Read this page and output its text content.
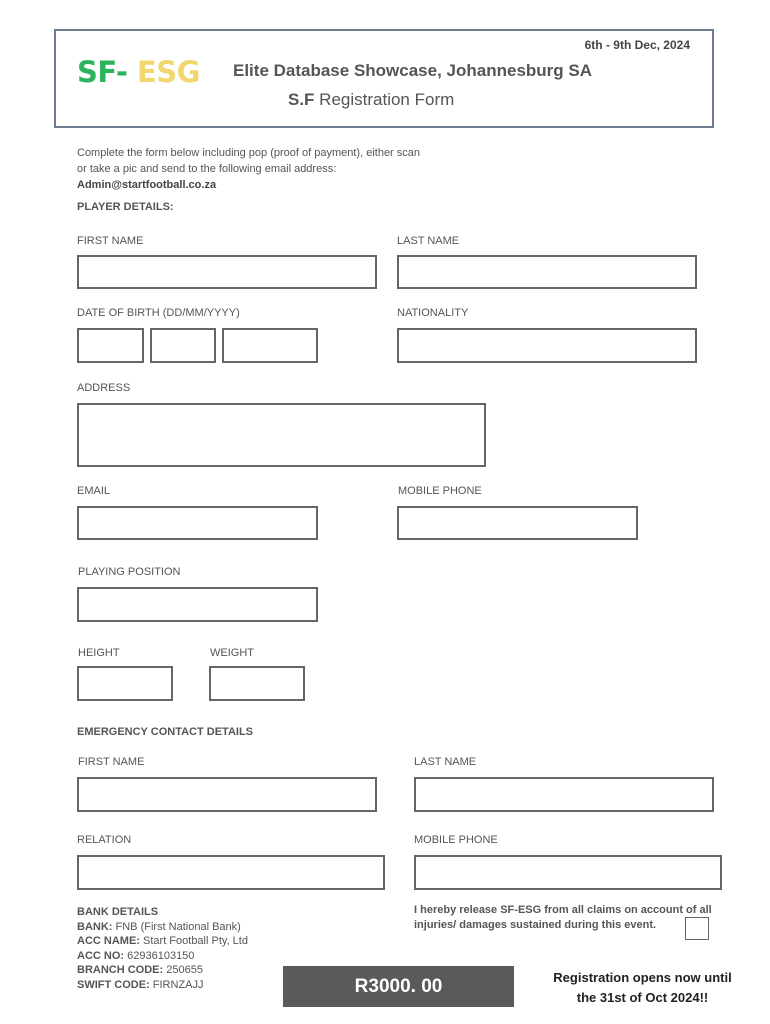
SF- ESG
6th - 9th Dec, 2024
Elite Database Showcase, Johannesburg SA
S.F Registration Form
Complete the form below including pop (proof of payment), either scan
or take a pic and send to the following email address:
Admin@startfootball.co.za
PLAYER DETAILS:
FIRST NAME	LAST NAME
DATE OF BIRTH (DD/MM/YYYY)	NATIONALITY
ADDRESS
EMAIL	MOBILE PHONE
PLAYING POSITION
HEIGHT	WEIGHT
EMERGENCY CONTACT DETAILS
FIRST NAME	LAST NAME
RELATION	MOBILE PHONE
BANK DETAILS
BANK: FNB (First National Bank)
ACC NAME: Start Football Pty, Ltd
ACC NO: 62936103150
BRANCH CODE: 250655
SWIFT CODE: FIRNZAJJ
I hereby release SF-ESG from all claims on account of all injuries/ damages sustained during this event.
R3000. 00	Registration opens now until
the 31st of Oct 2024!!
